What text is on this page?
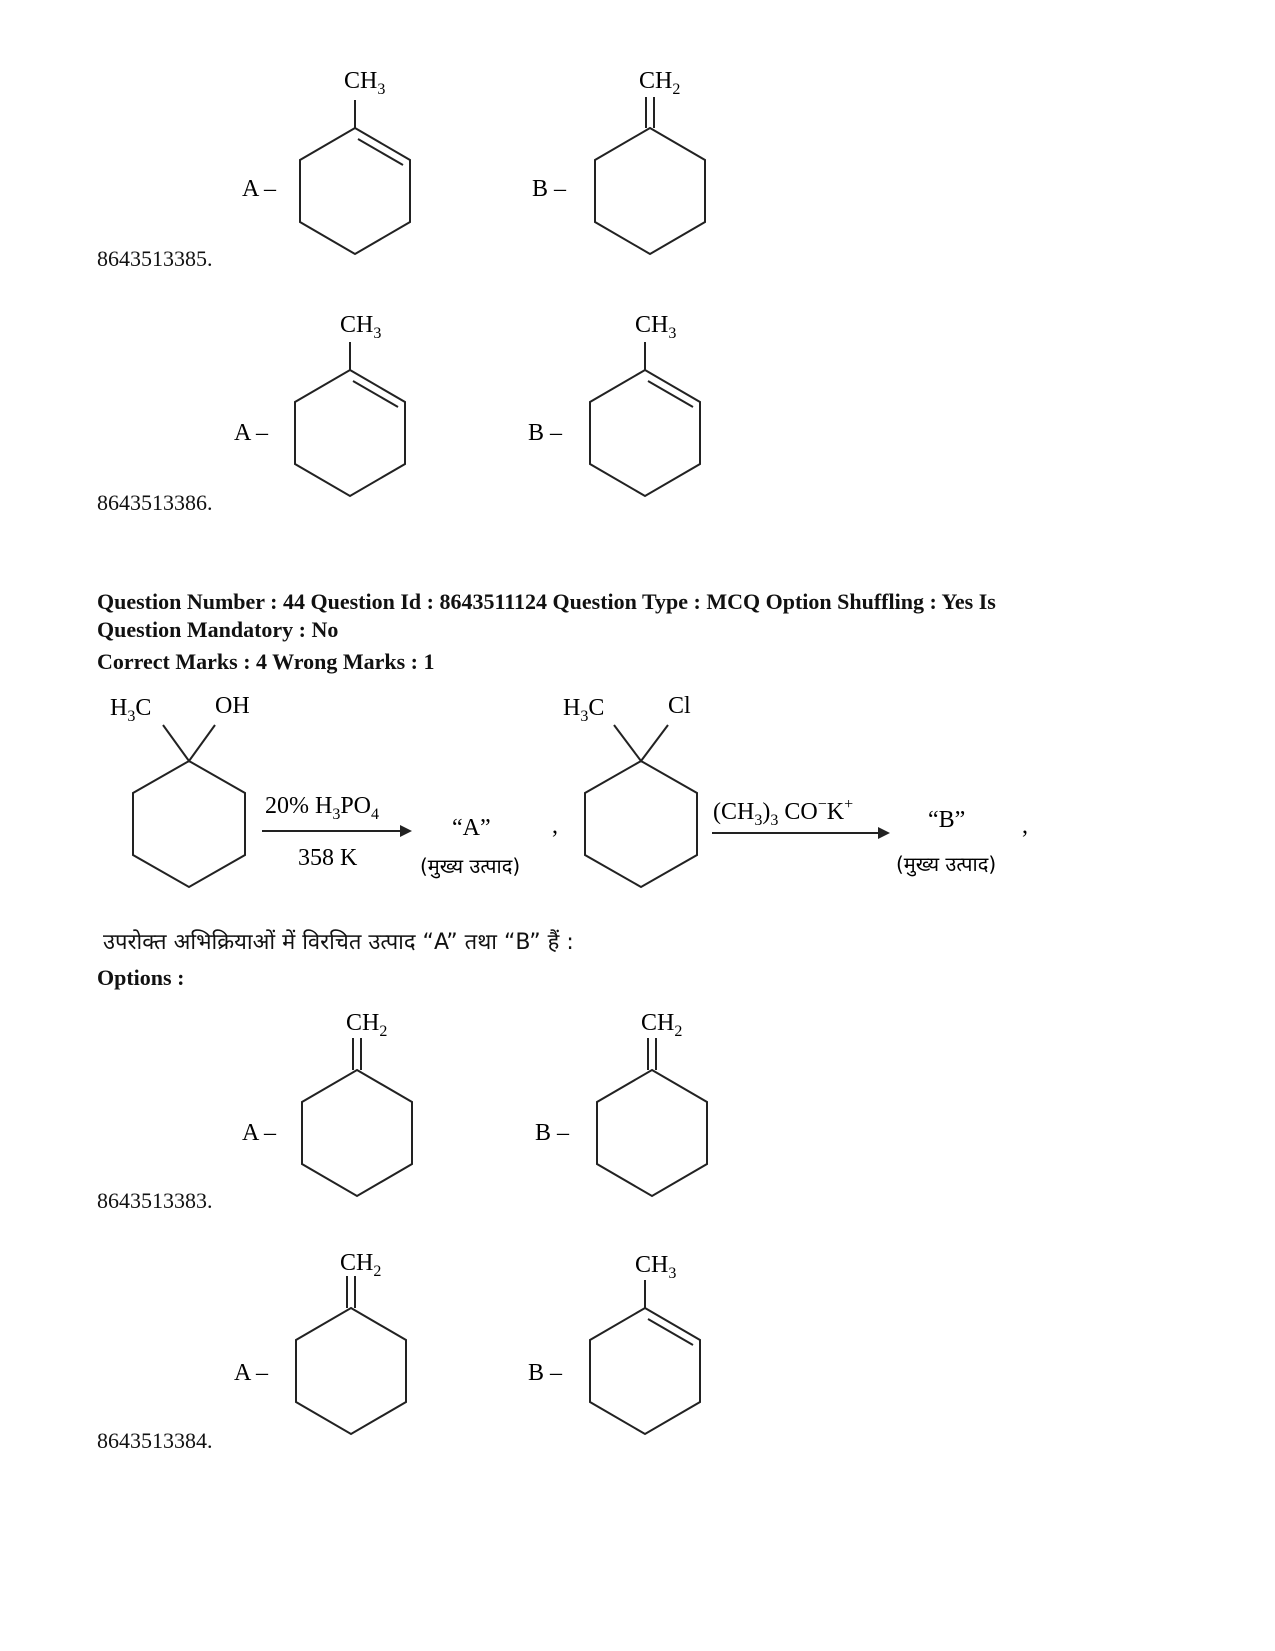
A –
$CH_3$
B –
$CH_2$
8643513385.
A –
$CH_3$
B –
$CH_3$
8643513386.
Question Number : 44 Question Id : 8643511124 Question Type : MCQ Option Shuffling : Yes Is
Question Mandatory : No
Correct Marks : 4 Wrong Marks : 1
$H_3C$	OH
20% $H_3PO_4$
358 K
“A”
(मुख्य उत्पाद)
,
$H_3C$	Cl
$(CH_3)_3$ CO−K+
“B”
(मुख्य उत्पाद)
,
उपरोक्त अभिक्रियाओं में विरचित उत्पाद “A” तथा “B” हैं :
Options :
A –
$CH_2$
B –
$CH_2$
8643513383.
A –
$CH_2$
B –
$CH_3$
8643513384.
